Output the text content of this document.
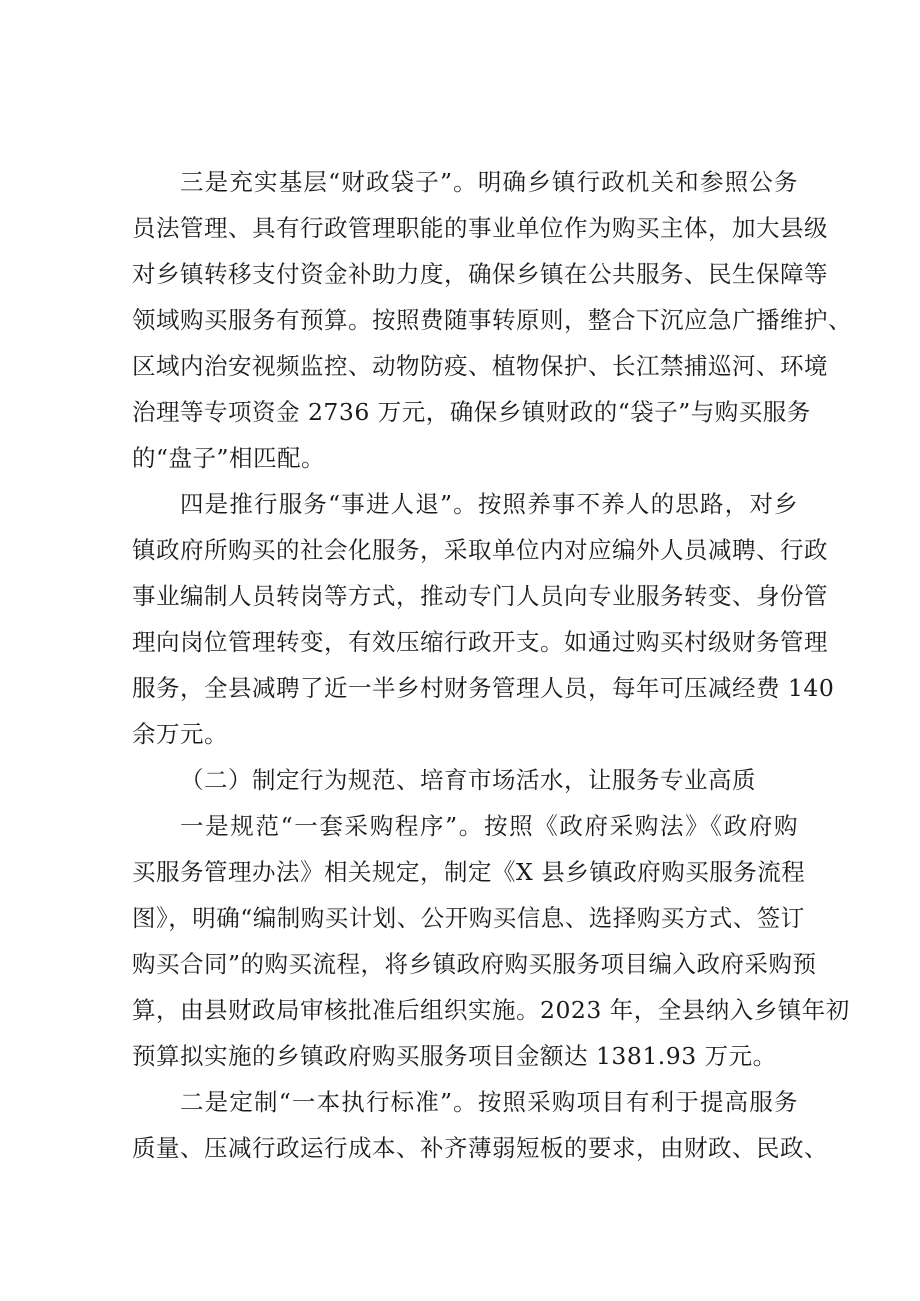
三是充实基层“财政袋子”。明确乡镇行政机关和参照公务
员法管理、具有行政管理职能的事业单位作为购买主体，加大县级
对乡镇转移支付资金补助力度，确保乡镇在公共服务、民生保障等
领域购买服务有预算。按照费随事转原则，整合下沉应急广播维护、
区域内治安视频监控、动物防疫、植物保护、长江禁捕巡河、环境
治理等专项资金 2736 万元，确保乡镇财政的“袋子”与购买服务
的“盘子”相匹配。
四是推行服务“事进人退”。按照养事不养人的思路，对乡
镇政府所购买的社会化服务，采取单位内对应编外人员减聘、行政
事业编制人员转岗等方式，推动专门人员向专业服务转变、身份管
理向岗位管理转变，有效压缩行政开支。如通过购买村级财务管理
服务，全县减聘了近一半乡村财务管理人员，每年可压减经费 140
余万元。
（二）制定行为规范、培育市场活水，让服务专业高质
一是规范“一套采购程序”。按照《政府采购法》《政府购
买服务管理办法》相关规定，制定《X 县乡镇政府购买服务流程
图》，明确“编制购买计划、公开购买信息、选择购买方式、签订
购买合同”的购买流程，将乡镇政府购买服务项目编入政府采购预
算，由县财政局审核批准后组织实施。2023 年，全县纳入乡镇年初
预算拟实施的乡镇政府购买服务项目金额达 1381.93 万元。
二是定制“一本执行标准”。按照采购项目有利于提高服务
质量、压减行政运行成本、补齐薄弱短板的要求，由财政、民政、
